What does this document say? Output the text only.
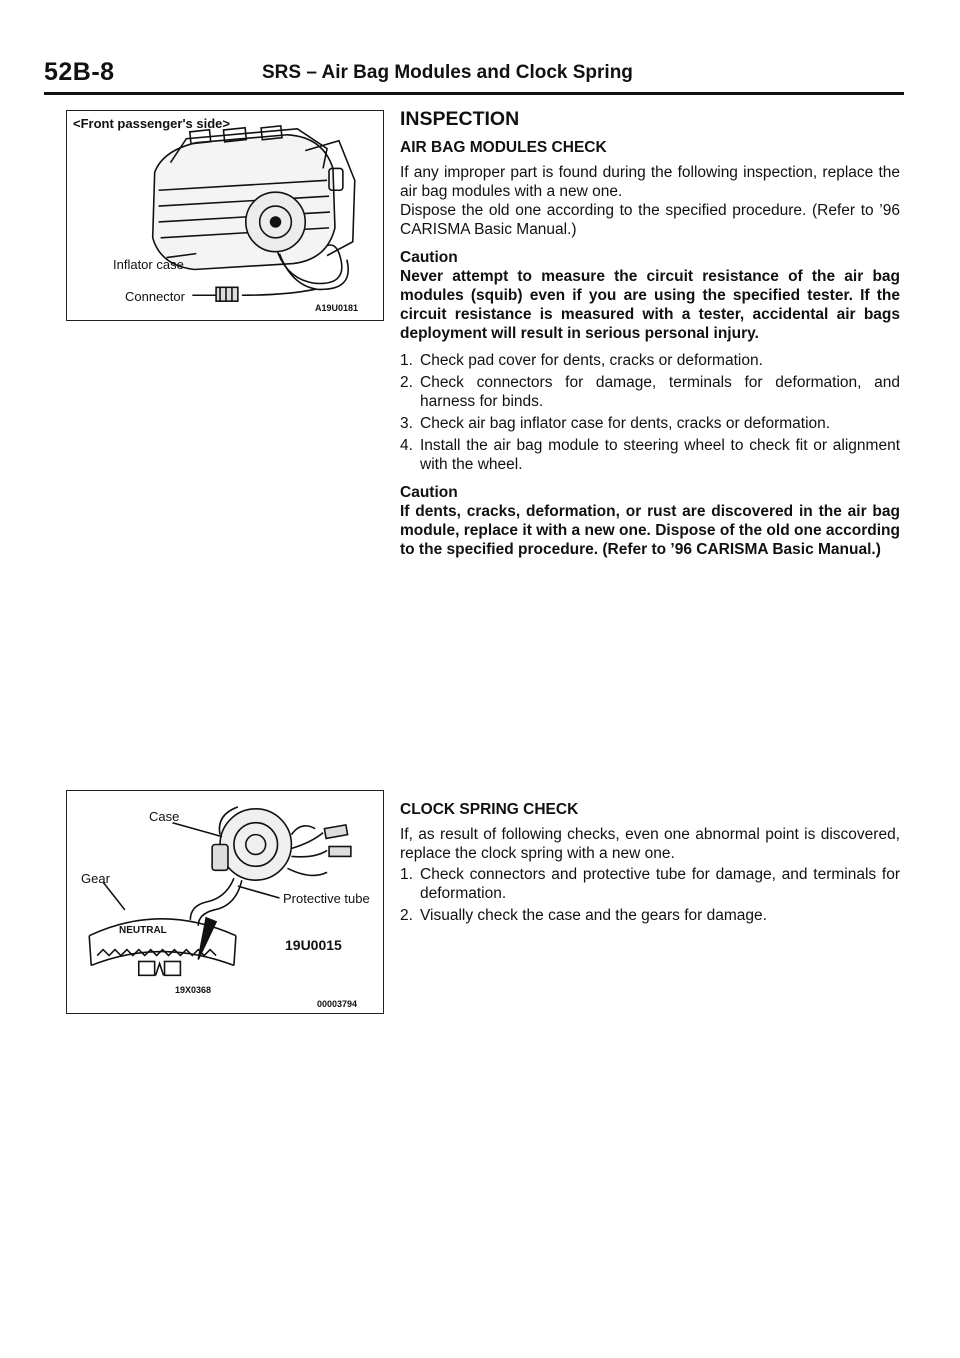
52B-8	SRS – Air Bag Modules and Clock Spring
<Front passenger's side>
Inflator case
Connector
A19U0181
Case
Gear
Protective tube
NEUTRAL
19U0015
19X0368
00003794
INSPECTION
AIR BAG MODULES CHECK
If any improper part is found during the following inspection, replace the air bag modules with a new one.
Dispose the old one according to the specified procedure. (Refer to ’96 CARISMA Basic Manual.)
Caution
Never attempt to measure the circuit resistance of the air bag modules (squib) even if you are using the specified tester. If the circuit resistance is measured with a tester, accidental air bags deployment will result in serious personal injury.
1. Check pad cover for dents, cracks or deformation.
2. Check connectors for damage, terminals for deformation, and harness for binds.
3. Check air bag inflator case for dents, cracks or deformation.
4. Install the air bag module to steering wheel to check fit or alignment with the wheel.
Caution
If dents, cracks, deformation, or rust are discovered in the air bag module, replace it with a new one. Dispose of the old one according to the specified procedure. (Refer to ’96 CARISMA Basic Manual.)
CLOCK SPRING CHECK
If, as result of following checks, even one abnormal point is discovered, replace the clock spring with a new one.
1. Check connectors and protective tube for damage, and terminals for deformation.
2. Visually check the case and the gears for damage.
